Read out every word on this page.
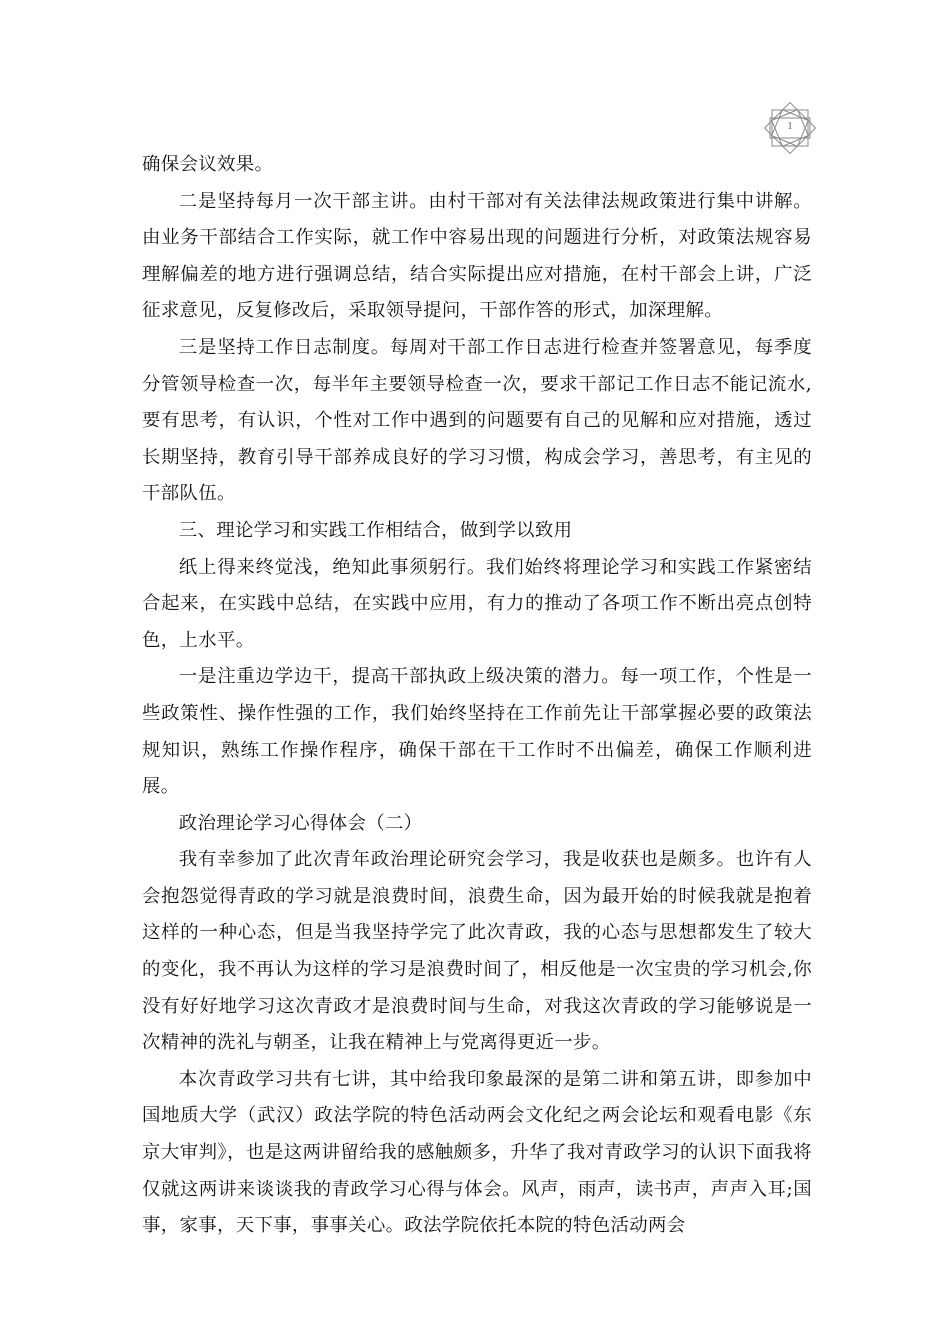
1

确保会议效果。

二是坚持每月一次干部主讲。由村干部对有关法律法规政策进行集中讲解。由业务干部结合工作实际，就工作中容易出现的问题进行分析，对政策法规容易理解偏差的地方进行强调总结，结合实际提出应对措施，在村干部会上讲，广泛征求意见，反复修改后，采取领导提问，干部作答的形式，加深理解。

三是坚持工作日志制度。每周对干部工作日志进行检查并签署意见，每季度分管领导检查一次，每半年主要领导检查一次，要求干部记工作日志不能记流水,要有思考，有认识，个性对工作中遇到的问题要有自己的见解和应对措施，透过长期坚持，教育引导干部养成良好的学习习惯，构成会学习，善思考，有主见的干部队伍。

三、理论学习和实践工作相结合，做到学以致用

纸上得来终觉浅，绝知此事须躬行。我们始终将理论学习和实践工作紧密结合起来，在实践中总结，在实践中应用，有力的推动了各项工作不断出亮点创特色，上水平。

一是注重边学边干，提高干部执政上级决策的潜力。每一项工作，个性是一些政策性、操作性强的工作，我们始终坚持在工作前先让干部掌握必要的政策法规知识，熟练工作操作程序，确保干部在干工作时不出偏差，确保工作顺利进展。

政治理论学习心得体会（二）

我有幸参加了此次青年政治理论研究会学习，我是收获也是颇多。也许有人会抱怨觉得青政的学习就是浪费时间，浪费生命，因为最开始的时候我就是抱着这样的一种心态，但是当我坚持学完了此次青政，我的心态与思想都发生了较大的变化，我不再认为这样的学习是浪费时间了，相反他是一次宝贵的学习机会,你没有好好地学习这次青政才是浪费时间与生命，对我这次青政的学习能够说是一次精神的洗礼与朝圣，让我在精神上与党离得更近一步。

本次青政学习共有七讲，其中给我印象最深的是第二讲和第五讲，即参加中国地质大学（武汉）政法学院的特色活动两会文化纪之两会论坛和观看电影《东京大审判》，也是这两讲留给我的感触颇多，升华了我对青政学习的认识下面我将仅就这两讲来谈谈我的青政学习心得与体会。风声，雨声，读书声，声声入耳;国事，家事，天下事，事事关心。政法学院依托本院的特色活动两会
